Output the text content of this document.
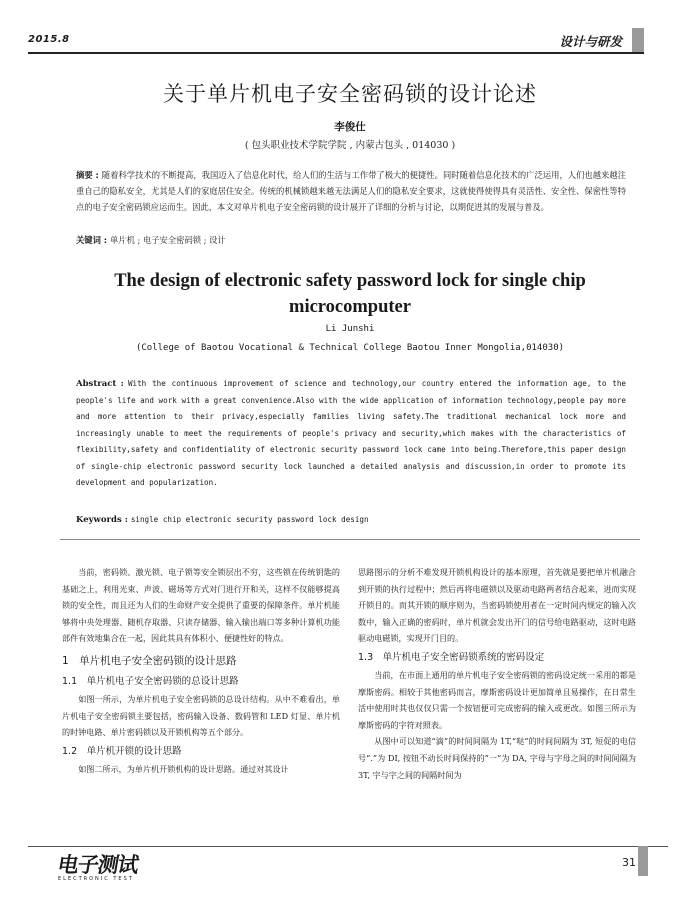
2015.8	设计与研发
关于单片机电子安全密码锁的设计论述
李俊仕
( 包头职业技术学院学院 , 内蒙古包头 , 014030 )
摘要 : 随着科学技术的不断提高，我国迈入了信息化时代，给人们的生活与工作带了极大的便捷性。同时随着信息化技术的广泛运用，人们也越来越注重自己的隐私安全，尤其是人们的家庭居住安全。传统的机械锁越来越无法满足人们的隐私安全要求，这就使得使得具有灵活性、安全性、保密性等特点的电子安全密码锁应运而生。因此，本文对单片机电子安全密码锁的设计展开了详细的分析与讨论，以期促进其的发展与普及。
关键词 : 单片机 ; 电子安全密码锁 ; 设计
The design of electronic safety password lock for single chip microcomputer
Li Junshi
(College of Baotou Vocational & Technical College Baotou Inner Mongolia,014030)
Abstract : With the continuous improvement of science and technology,our country entered the information age, to the people's life and work with a great convenience.Also with the wide application of information technology,people pay more and more attention to their privacy,especially families living safety.The traditional mechanical lock more and increasingly unable to meet the requirements of people's privacy and security,which makes with the characteristics of flexibility,safety and confidentiality of electronic security password lock came into being.Therefore,this paper design of single-chip electronic password security lock launched a detailed analysis and discussion,in order to promote its development and popularization.
Keywords : single chip electronic security password lock design

当前，密码锁、激光锁、电子锁等安全锁层出不穷，这些锁在传统钥匙的基础之上，利用光束、声波、磁场等方式对门进行开和关，这样不仅能够提高锁的安全性，而且还为人们的生命财产安全提供了重要的保障条件。单片机能够将中央处理器、随机存取器、只读存储器、输入输出端口等多种计算机功能部件有效地集合在一起，因此其具有体积小、便捷性好的特点。

1　单片机电子安全密码锁的设计思路
1.1　单片机电子安全密码锁的总设计思路

如图一所示，为单片机电子安全密码锁的总设计结构。从中不难看出，单片机电子安全密码锁主要包括，密码输入设备、数码管和 LED 灯显、单片机的时钟电路、单片密码锁以及开锁机构等五个部分。

1.2　单片机开锁的设计思路

如图二所示，为单片机开锁机构的设计思路。通过对其设计

思路图示的分析不难发现开锁机构设计的基本原理，首先就是要把单片机融合到开锁的执行过程中；然后再将电磁锁以及驱动电路两者结合起来，进而实现开锁目的。而其开锁的顺序则为，当密码锁使用者在一定时间内规定的输入次数中，输入正确的密码时，单片机就会发出开门的信号给电路驱动，这时电路驱动电磁锁，实现开门目的。

1.3　单片机电子安全密码锁系统的密码设定

当前，在市面上通用的单片机电子安全密码锁的密码设定统一采用的都是摩斯密码。相较于其他密码而言，摩斯密码设计更加简单且易操作，在日常生活中使用时其也仅仅只需一个按钮便可完成密码的输入或更改。如图三所示为摩斯密码的字符对照表。

从图中可以知道“滴”的时间间隔为 1T,“哒”的时间间隔为 3T, 短促的电信号“.”为 DI, 按钮不动长时间保持的“一”为 DA, 字母与字母之间的时间间隔为 3T, 字与字之间的间隔时间为

电子测试
ELECTRONIC TEST
31
